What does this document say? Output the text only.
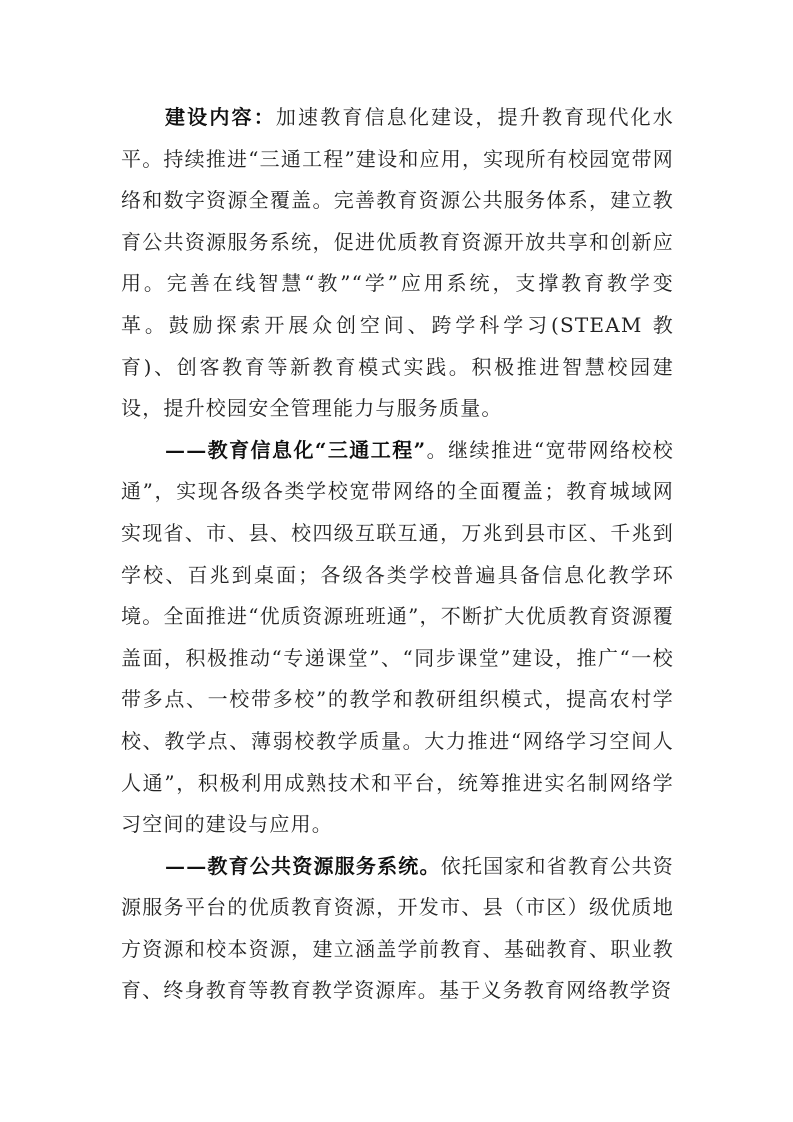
建设内容：加速教育信息化建设，提升教育现代化水平。持续推进“三通工程”建设和应用，实现所有校园宽带网络和数字资源全覆盖。完善教育资源公共服务体系，建立教育公共资源服务系统，促进优质教育资源开放共享和创新应用。完善在线智慧“教”“学”应用系统，支撑教育教学变革。鼓励探索开展众创空间、跨学科学习(STEAM 教育)、创客教育等新教育模式实践。积极推进智慧校园建设，提升校园安全管理能力与服务质量。

——教育信息化“三通工程”。继续推进“宽带网络校校通”，实现各级各类学校宽带网络的全面覆盖；教育城域网实现省、市、县、校四级互联互通，万兆到县市区、千兆到学校、百兆到桌面；各级各类学校普遍具备信息化教学环境。全面推进“优质资源班班通”，不断扩大优质教育资源覆盖面，积极推动“专递课堂”、“同步课堂”建设，推广“一校带多点、一校带多校”的教学和教研组织模式，提高农村学校、教学点、薄弱校教学质量。大力推进“网络学习空间人人通”，积极利用成熟技术和平台，统筹推进实名制网络学习空间的建设与应用。

——教育公共资源服务系统。依托国家和省教育公共资源服务平台的优质教育资源，开发市、县（市区）级优质地方资源和校本资源，建立涵盖学前教育、基础教育、职业教育、终身教育等教育教学资源库。基于义务教育网络教学资
